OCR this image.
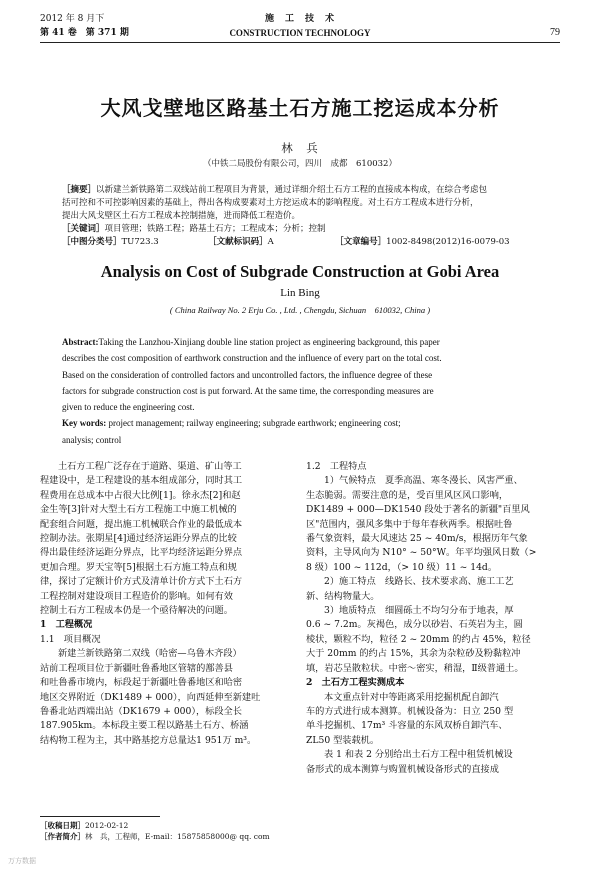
2012 年 8 月下
第 41 卷　第 371 期
施　工　技　术
CONSTRUCTION TECHNOLOGY	79
大风戈壁地区路基土石方施工挖运成本分析
林　兵
（中铁二局股份有限公司，四川　成都　610032）
［摘要］以新建兰新铁路第二双线站前工程项目为背景，通过详细介绍土石方工程的直接成本构成，在综合考虑包
括可控和不可控影响因素的基础上，得出各构成要素对土方挖运成本的影响程度。对土石方工程成本进行分析，
提出大风戈壁区土石方工程成本控制措施，进而降低工程造价。
［关键词］项目管理；铁路工程；路基土石方；工程成本；分析；控制
［中图分类号］TU723.3	［文献标识码］A	［文章编号］1002-8498(2012)16-0079-03
Analysis on Cost of Subgrade Construction at Gobi Area
Lin Bing
( China Railway No. 2 Erju Co. , Ltd. , Chengdu, Sichuan　610032, China )
Abstract:Taking the Lanzhou-Xinjiang double line station project as engineering background, this paper
describes the cost composition of earthwork construction and the influence of every part on the total cost.
Based on the consideration of controlled factors and uncontrolled factors, the influence degree of these
factors for subgrade construction cost is put forward. At the same time, the corresponding measures are
given to reduce the engineering cost.
Key words: project management; railway engineering; subgrade earthwork; engineering cost;
analysis; control
土石方工程广泛存在于道路、渠道、矿山等工
程建设中，是工程建设的基本组成部分，同时其工
程费用在总成本中占很大比例[1]。徐永杰[2]和赵
金生等[3]针对大型土石方工程施工中施工机械的
配套组合问题，提出施工机械联合作业的最低成本
控制办法。张期星[4]通过经济运距分界点的比较
得出最佳经济运距分界点，比平均经济运距分界点
更加合理。罗天宝等[5]根据土石方施工特点和规
律，探讨了定额计价方式及清单计价方式下土石方
工程控制对建设项目工程造价的影响。如何有效
控制土石方工程成本仍是一个亟待解决的问题。
1　工程概况
1.1　项目概况
新建兰新铁路第二双线（哈密—乌鲁木齐段）
站前工程项目位于新疆吐鲁番地区管辖的鄯善县
和吐鲁番市境内，标段起于新疆吐鲁番地区和哈密
地区交界附近（DK1489 + 000），向西延伸至新建吐
鲁番北站西端出站（DK1679 + 000），标段全长
187.905km。本标段主要工程以路基土石方、桥涵
结构物工程为主，其中路基挖方总量达1 951万 m³。
1.2　工程特点
1）气候特点　夏季高温、寒冬漫长、风害严重、
生态脆弱。需要注意的是，受百里风区风口影响，
DK1489 + 000—DK1540 段处于著名的新疆"百里风
区"范围内，强风多集中于每年春秋两季。根据吐鲁
番气象资料，最大风速达 25 ~ 40m/s，根据历年气象
资料，主导风向为 N10° ~ 50°W。年平均强风日数（>
8 级）100 ~ 112d，（> 10 级）11 ~ 14d。
2）施工特点　线路长、技术要求高、施工工艺
新、结构物量大。
3）地质特点　细圆砾土不均匀分布于地表，厚
0.6 ~ 7.2m。灰褐色，成分以砂岩、石英岩为主，圆
棱状，颗粒不均，粒径 2 ~ 20mm 的约占 45%，粒径
大于 20mm 的约占 15%，其余为杂粒砂及粉黏粒冲
填，岩芯呈散粒状。中密～密实，稍湿，Ⅱ级普通土。
2　土石方工程实测成本
本文重点针对中等距离采用挖掘机配自卸汽
车的方式进行成本测算。机械设备为：日立 250 型
单斗挖掘机、17m³ 斗容量的东风双桥自卸汽车、
ZL50 型装载机。
表 1 和表 2 分别给出土石方工程中租赁机械设
备形式的成本测算与购置机械设备形式的直接成
［收稿日期］2012-02-12
［作者简介］林　兵，工程师，E-mail：15875858000@ qq. com
万方数据
